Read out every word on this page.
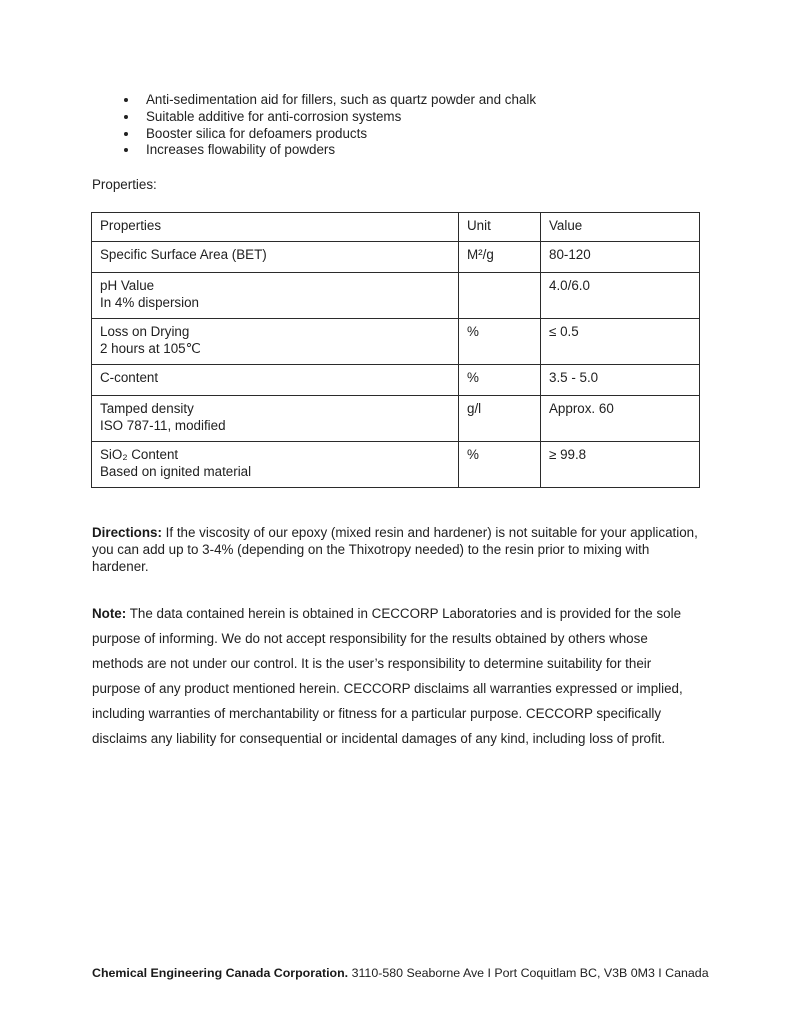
• Anti-sedimentation aid for fillers, such as quartz powder and chalk
• Suitable additive for anti-corrosion systems
• Booster silica for defoamers products
• Increases flowability of powders
Properties:
Properties	Unit	Value

Specific Surface Area (BET)	M²/g	80-120

pH Value
In 4% dispersion		4.0/6.0

Loss on Drying
2 hours at 105℃	%	≤ 0.5

C-content	%	3.5 - 5.0

Tamped density
ISO 787-11, modified	g/l	Approx. 60

SiO₂ Content
Based on ignited material	%	≥ 99.8

Directions: If the viscosity of our epoxy (mixed resin and hardener) is not suitable for your application, you can add up to 3-4% (depending on the Thixotropy needed) to the resin prior to mixing with hardener.

Note: The data contained herein is obtained in CECCORP Laboratories and is provided for the sole purpose of informing. We do not accept responsibility for the results obtained by others whose methods are not under our control. It is the user’s responsibility to determine suitability for their purpose of any product mentioned herein. CECCORP disclaims all warranties expressed or implied, including warranties of merchantability or fitness for a particular purpose. CECCORP specifically disclaims any liability for consequential or incidental damages of any kind, including loss of profit.

Chemical Engineering Canada Corporation. 3110-580 Seaborne Ave I Port Coquitlam BC, V3B 0M3 I Canada
